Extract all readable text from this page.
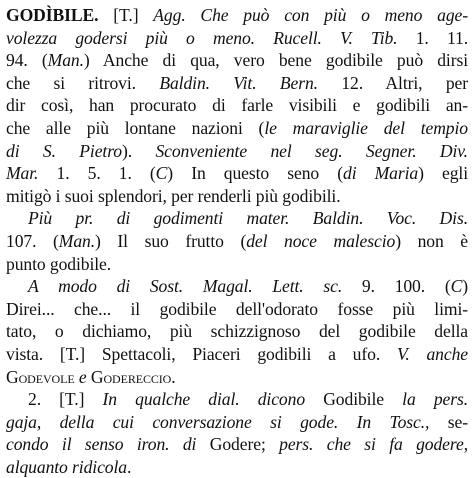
GODÌBILE. [T.] Agg. Che può con più o meno age-
volezza godersi più o meno. Rucell. V. Tib. 1. 11.
94. (Man.) Anche di qua, vero bene godibile può dirsi
che si ritrovi. Baldin. Vit. Bern. 12. Altri, per
dir così, han procurato di farle visibili e godibili an-
che alle più lontane nazioni (le maraviglie del tempio
di S. Pietro). Sconveniente nel seg. Segner. Div.
Mar. 1. 5. 1. (C) In questo seno (di Maria) egli
mitigò i suoi splendori, per renderli più godibili.
Più pr. di godimenti mater. Baldin. Voc. Dis.
107. (Man.) Il suo frutto (del noce malescio) non è
punto godibile.
A modo di Sost. Magal. Lett. sc. 9. 100. (C)
Direi... che... il godibile dell'odorato fosse più limi-
tato, o dichiamo, più schizzignoso del godibile della
vista. [T.] Spettacoli, Piaceri godibili a ufo. V. anche
Godevole e Godereccio.
2. [T.] In qualche dial. dicono Godibile la pers.
gaja, della cui conversazione si gode. In Tosc., se-
condo il senso iron. di Godere; pers. che si fa godere,
alquanto ridicola.
